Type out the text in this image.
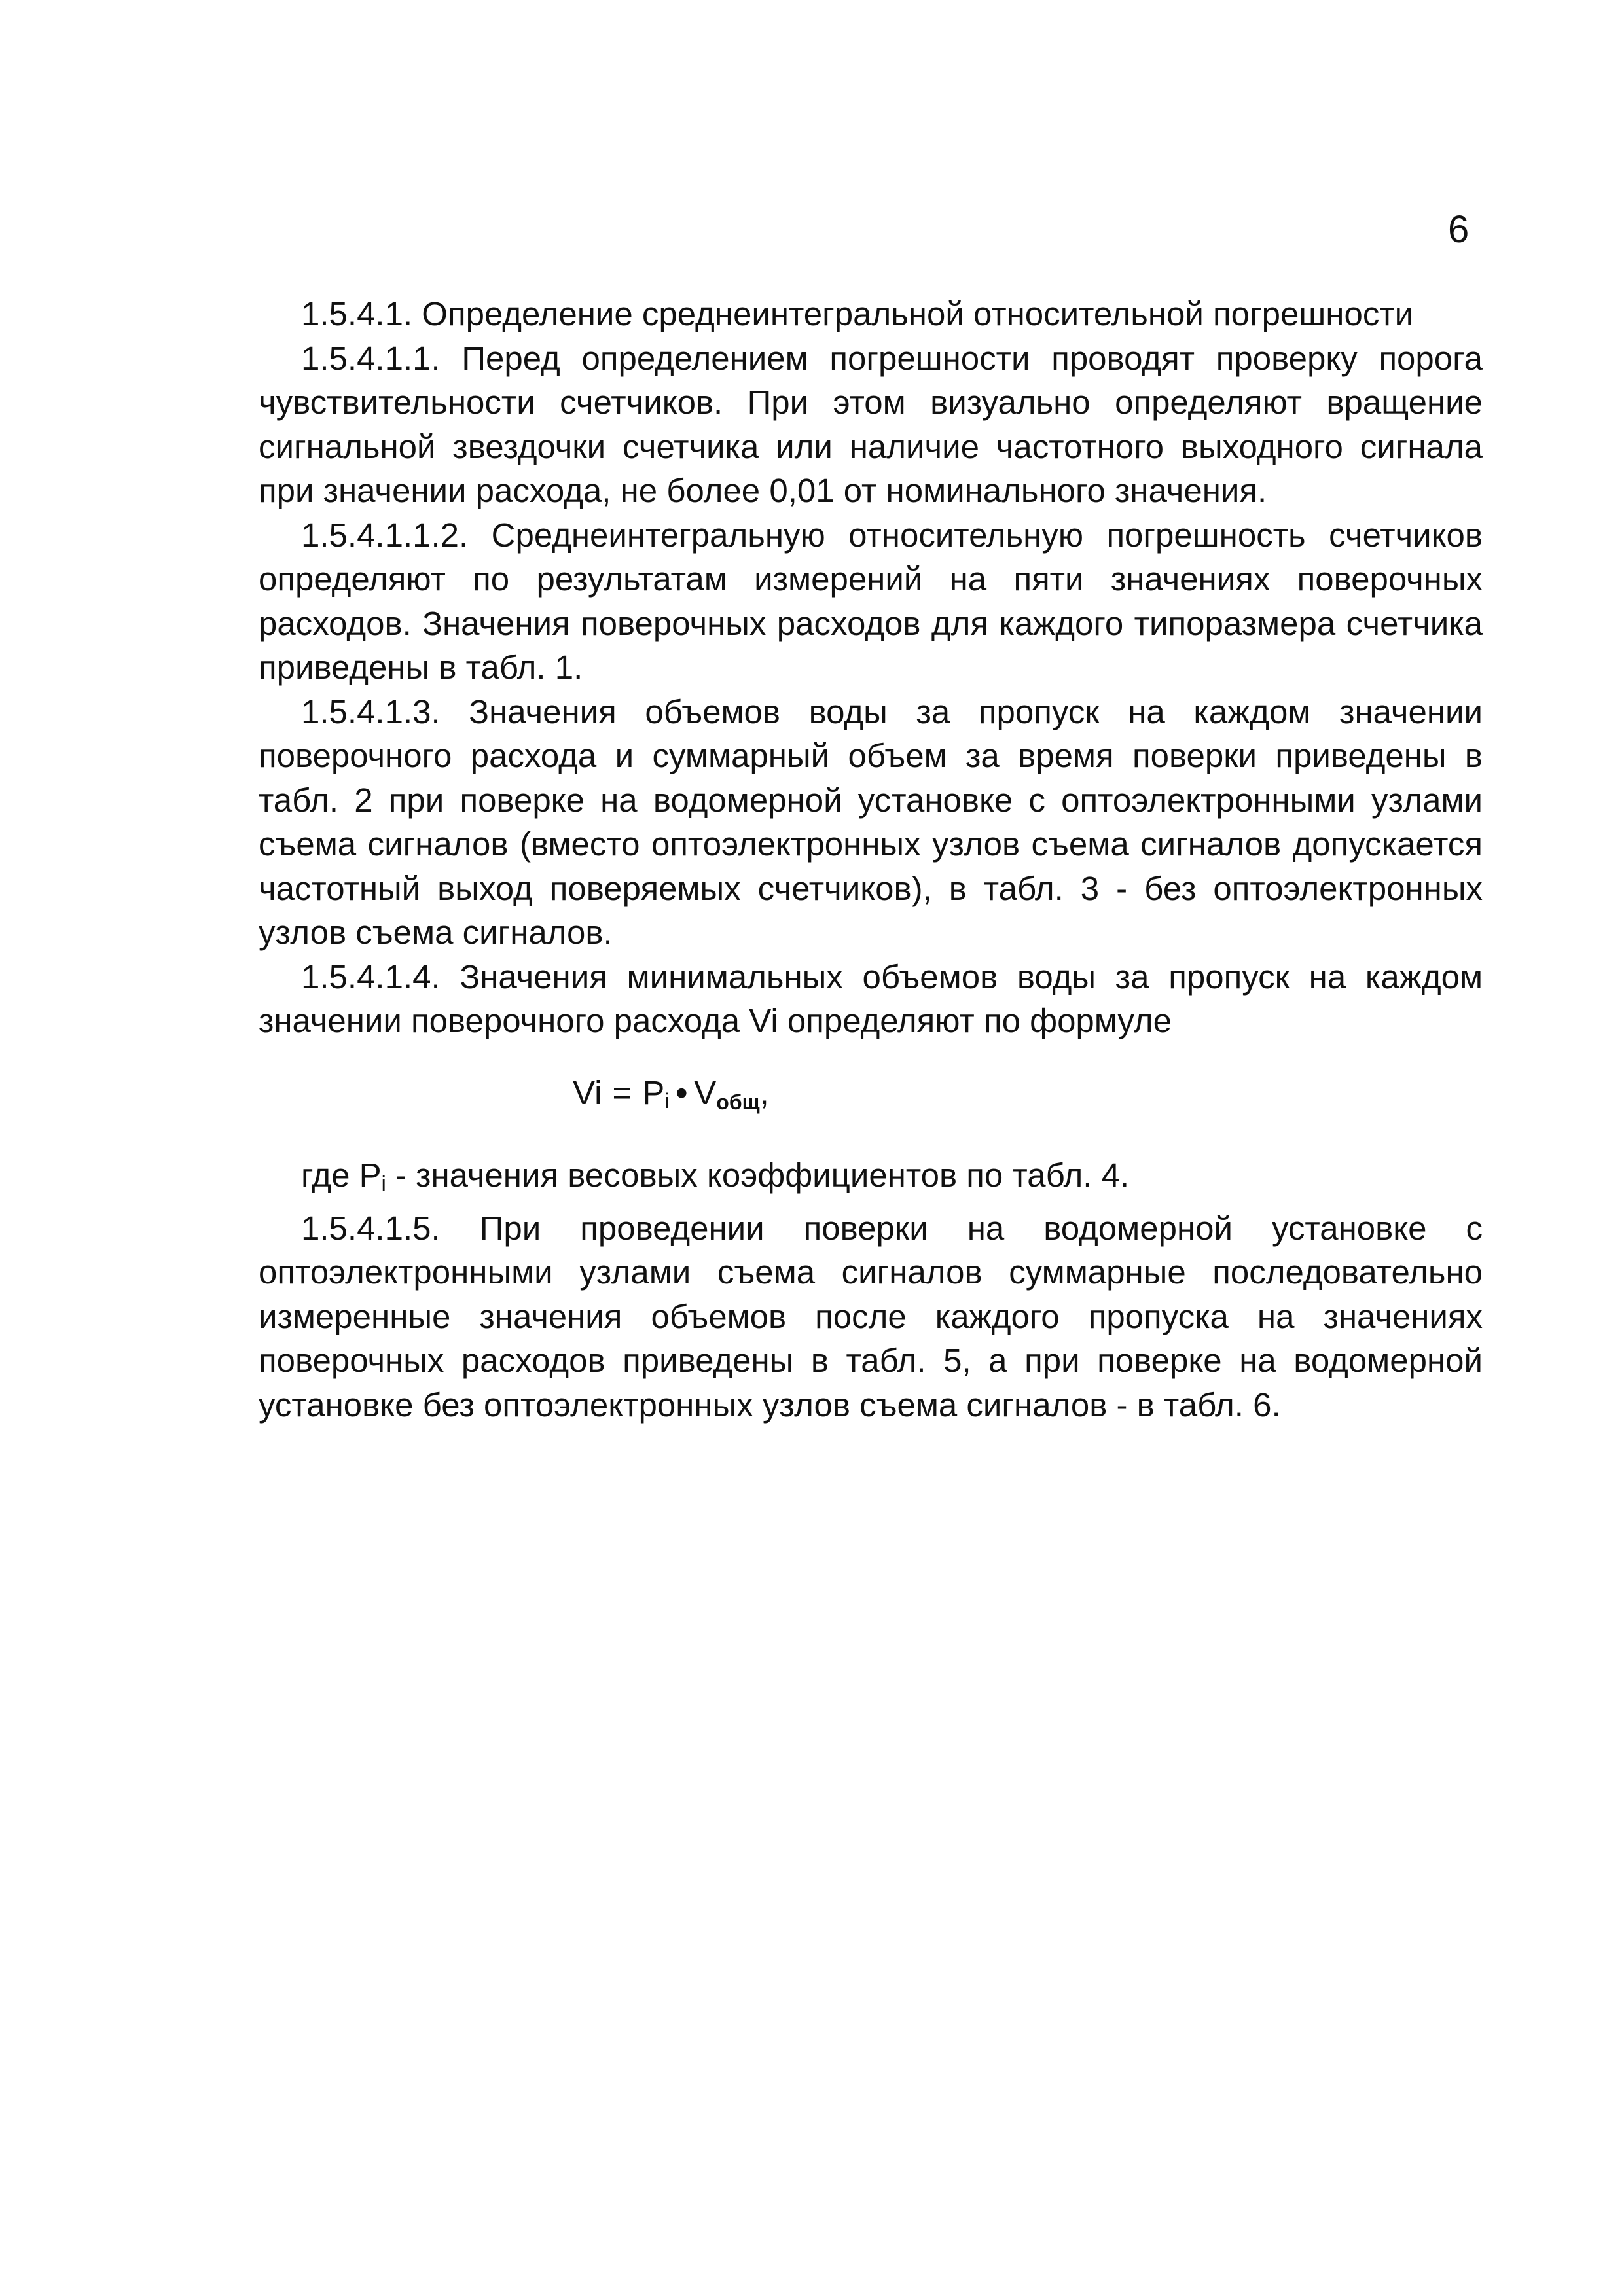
6

1.5.4.1. Определение среднеинтегральной относительной погрешности

1.5.4.1.1. Перед определением погрешности проводят проверку порога чувствительности счетчиков. При этом визуально определяют вращение сигнальной звездочки счетчика или наличие частотного выходного сигнала при значении расхода, не более 0,01 от номинального значения.

1.5.4.1.1.2. Среднеинтегральную относительную погрешность счетчиков определяют по результатам измерений на пяти значениях поверочных расходов. Значения поверочных расходов для каждого типоразмера счетчика приведены в табл. 1.

1.5.4.1.3. Значения объемов воды за пропуск на каждом значении поверочного расхода и суммарный объем за время поверки приведены в табл. 2 при поверке на водомерной установке с оптоэлектронными узлами съема сигналов (вместо оптоэлектронных узлов съема сигналов допускается частотный выход поверяемых счетчиков), в табл. 3 - без оптоэлектронных узлов съема сигналов.

1.5.4.1.4. Значения минимальных объемов воды за пропуск на каждом значении поверочного расхода Vi определяют по формуле

Vi = Pi • Vобщ,

где Pi - значения весовых коэффициентов по табл. 4.

1.5.4.1.5. При проведении поверки на водомерной установке с оптоэлектронными узлами съема сигналов суммарные последовательно измеренные значения объемов после каждого пропуска на значениях поверочных расходов приведены в табл. 5, а при поверке на водомерной установке без оптоэлектронных узлов съема сигналов - в табл. 6.
